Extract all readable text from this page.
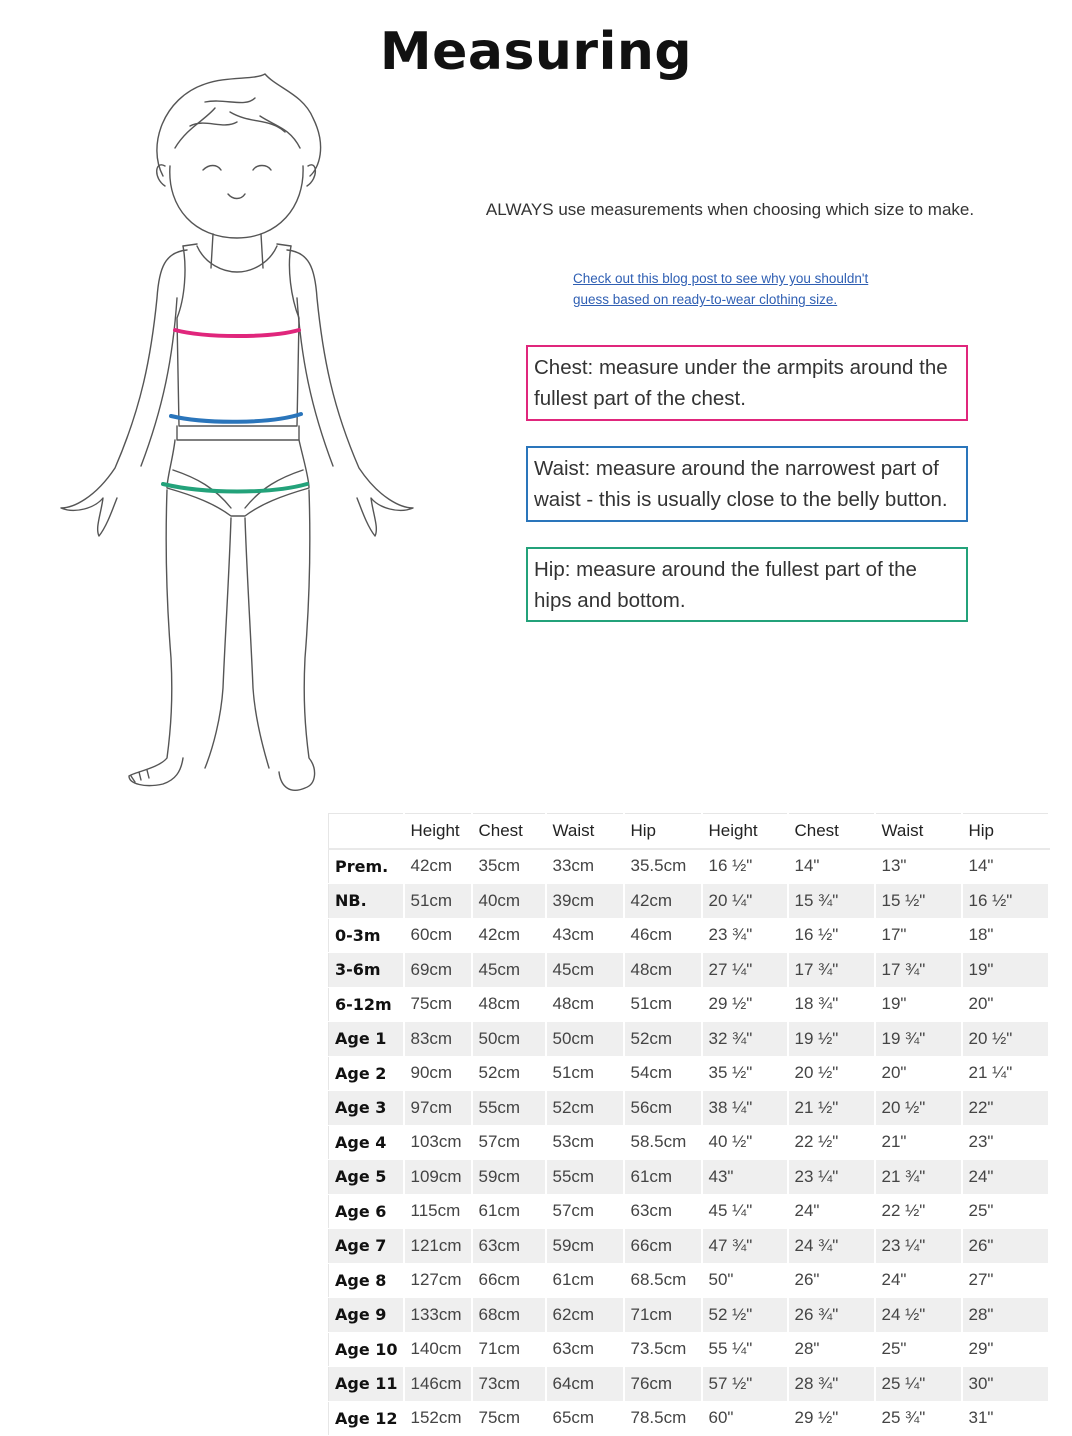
Measuring
ALWAYS use measurements when choosing which size to make.
Check out this blog post to see why you shouldn't
guess based on ready-to-wear clothing size.
Chest: measure under the armpits around the fullest part of the chest.
Waist: measure around the narrowest part of waist - this is usually close to the belly button.
Hip: measure around the fullest part of the hips and bottom.
	Height	Chest	Waist	Hip	Height	Chest	Waist	Hip
Prem.	42cm	35cm	33cm	35.5cm	16 ½"	14"	13"	14"
NB.	51cm	40cm	39cm	42cm	20 ¼"	15 ¾"	15 ½"	16 ½"
0-3m	60cm	42cm	43cm	46cm	23 ¾"	16 ½"	17"	18"
3-6m	69cm	45cm	45cm	48cm	27 ¼"	17 ¾"	17 ¾"	19"
6-12m	75cm	48cm	48cm	51cm	29 ½"	18 ¾"	19"	20"
Age 1	83cm	50cm	50cm	52cm	32 ¾"	19 ½"	19 ¾"	20 ½"
Age 2	90cm	52cm	51cm	54cm	35 ½"	20 ½"	20"	21 ¼"
Age 3	97cm	55cm	52cm	56cm	38 ¼"	21 ½"	20 ½"	22"
Age 4	103cm	57cm	53cm	58.5cm	40 ½"	22 ½"	21"	23"
Age 5	109cm	59cm	55cm	61cm	43"	23 ¼"	21 ¾"	24"
Age 6	115cm	61cm	57cm	63cm	45 ¼"	24"	22 ½"	25"
Age 7	121cm	63cm	59cm	66cm	47 ¾"	24 ¾"	23 ¼"	26"
Age 8	127cm	66cm	61cm	68.5cm	50"	26"	24"	27"
Age 9	133cm	68cm	62cm	71cm	52 ½"	26 ¾"	24 ½"	28"
Age 10	140cm	71cm	63cm	73.5cm	55 ¼"	28"	25"	29"
Age 11	146cm	73cm	64cm	76cm	57 ½"	28 ¾"	25 ¼"	30"
Age 12	152cm	75cm	65cm	78.5cm	60"	29 ½"	25 ¾"	31"
